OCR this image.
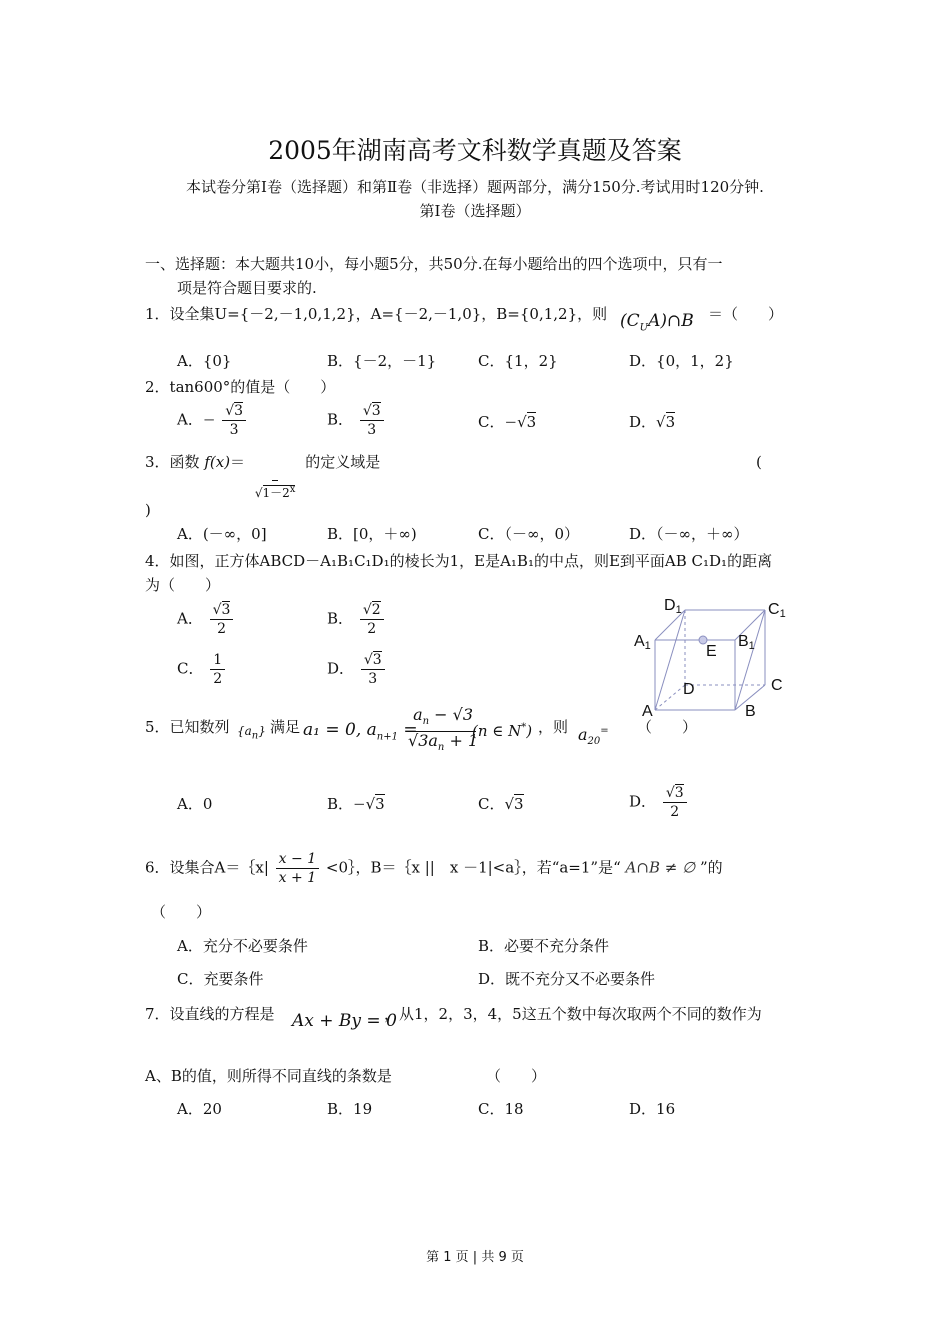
2005年湖南高考文科数学真题及答案
本试卷分第Ⅰ卷（选择题）和第Ⅱ卷（非选择）题两部分，满分150分.考试用时120分钟.
第Ⅰ卷（选择题）
一、选择题：本大题共10小，每小题5分，共50分.在每小题给出的四个选项中，只有一
项是符合题目要求的.
1．设全集U={－2,－1,0,1,2}，A={－2,－1,0}，B={0,1,2}，则 $(C_UA)\cap B$ ＝（　　）
A．{0}	B．{－2，－1}	C．{1，2}	D．{0，1，2}
2．tan600°的值是（　　）
A．− $\frac{√3}{3}$	B． $\frac{√3}{3}$	C．−√3	D．√3
3．函数 f(x)＝
$√1-2^x$
的定义域是	(
)
A．(－∞，0]	B．[0，＋∞)	C．（－∞，0）	D．（－∞，＋∞）
4．如图，正方体ABCD－A₁B₁C₁D₁的棱长为1，E是A₁B₁的中点，则E到平面AB C₁D₁的距离
为（　　）
A． $\frac{√3}{2}$	B． $\frac{√2}{2}$
C． $\frac{1}{2}$	D． $\frac{√3}{3}$
D1	C1
A1	B1
E
D	C
A	B
5．已知数列 $\{a_n\}$ 满足 a₁ = 0, $a_{n+1}$ =
$\frac{a_n - √3}{√3a_n + 1}$
(n ∈ N*) ，则 $a_{20}^=$ （　　）
A．0	B．−√3	C．√3	D． $\frac{√3}{2}$
6．设集合A＝｛x| $\frac{x - 1}{x + 1}$ <0｝，B＝｛x ||　x －1|<a｝，若“a=1”是“ A∩B ≠ ∅ ”的
（　　）
A．充分不必要条件	B．必要不充分条件
C．充要条件	D．既不充分又不必要条件
7．设直线的方程是 Ax + By = 0
，从1，2，3，4，5这五个数中每次取两个不同的数作为
A、B的值，则所得不同直线的条数是	（　　）
A．20	B．19	C．18	D．16
第 1 页 | 共 9 页
